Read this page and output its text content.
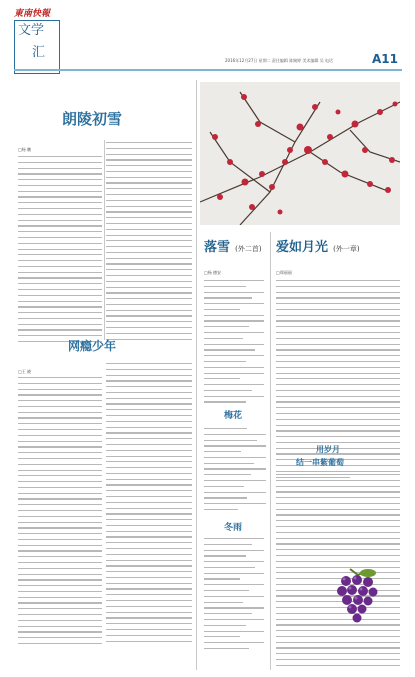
東南快報
文学
汇
2016年12月27日 星期二 责任编辑 陈婉婷 美术编辑 吴 电话	A11
朗陵初雪
□杨 鹏
网瘾少年
□王 晓
落雪 (外二首)
□杨 德安
梅花
冬雨
爱如月光 (外一章)
□郑丽丽
用岁月
结一串紫葡萄
